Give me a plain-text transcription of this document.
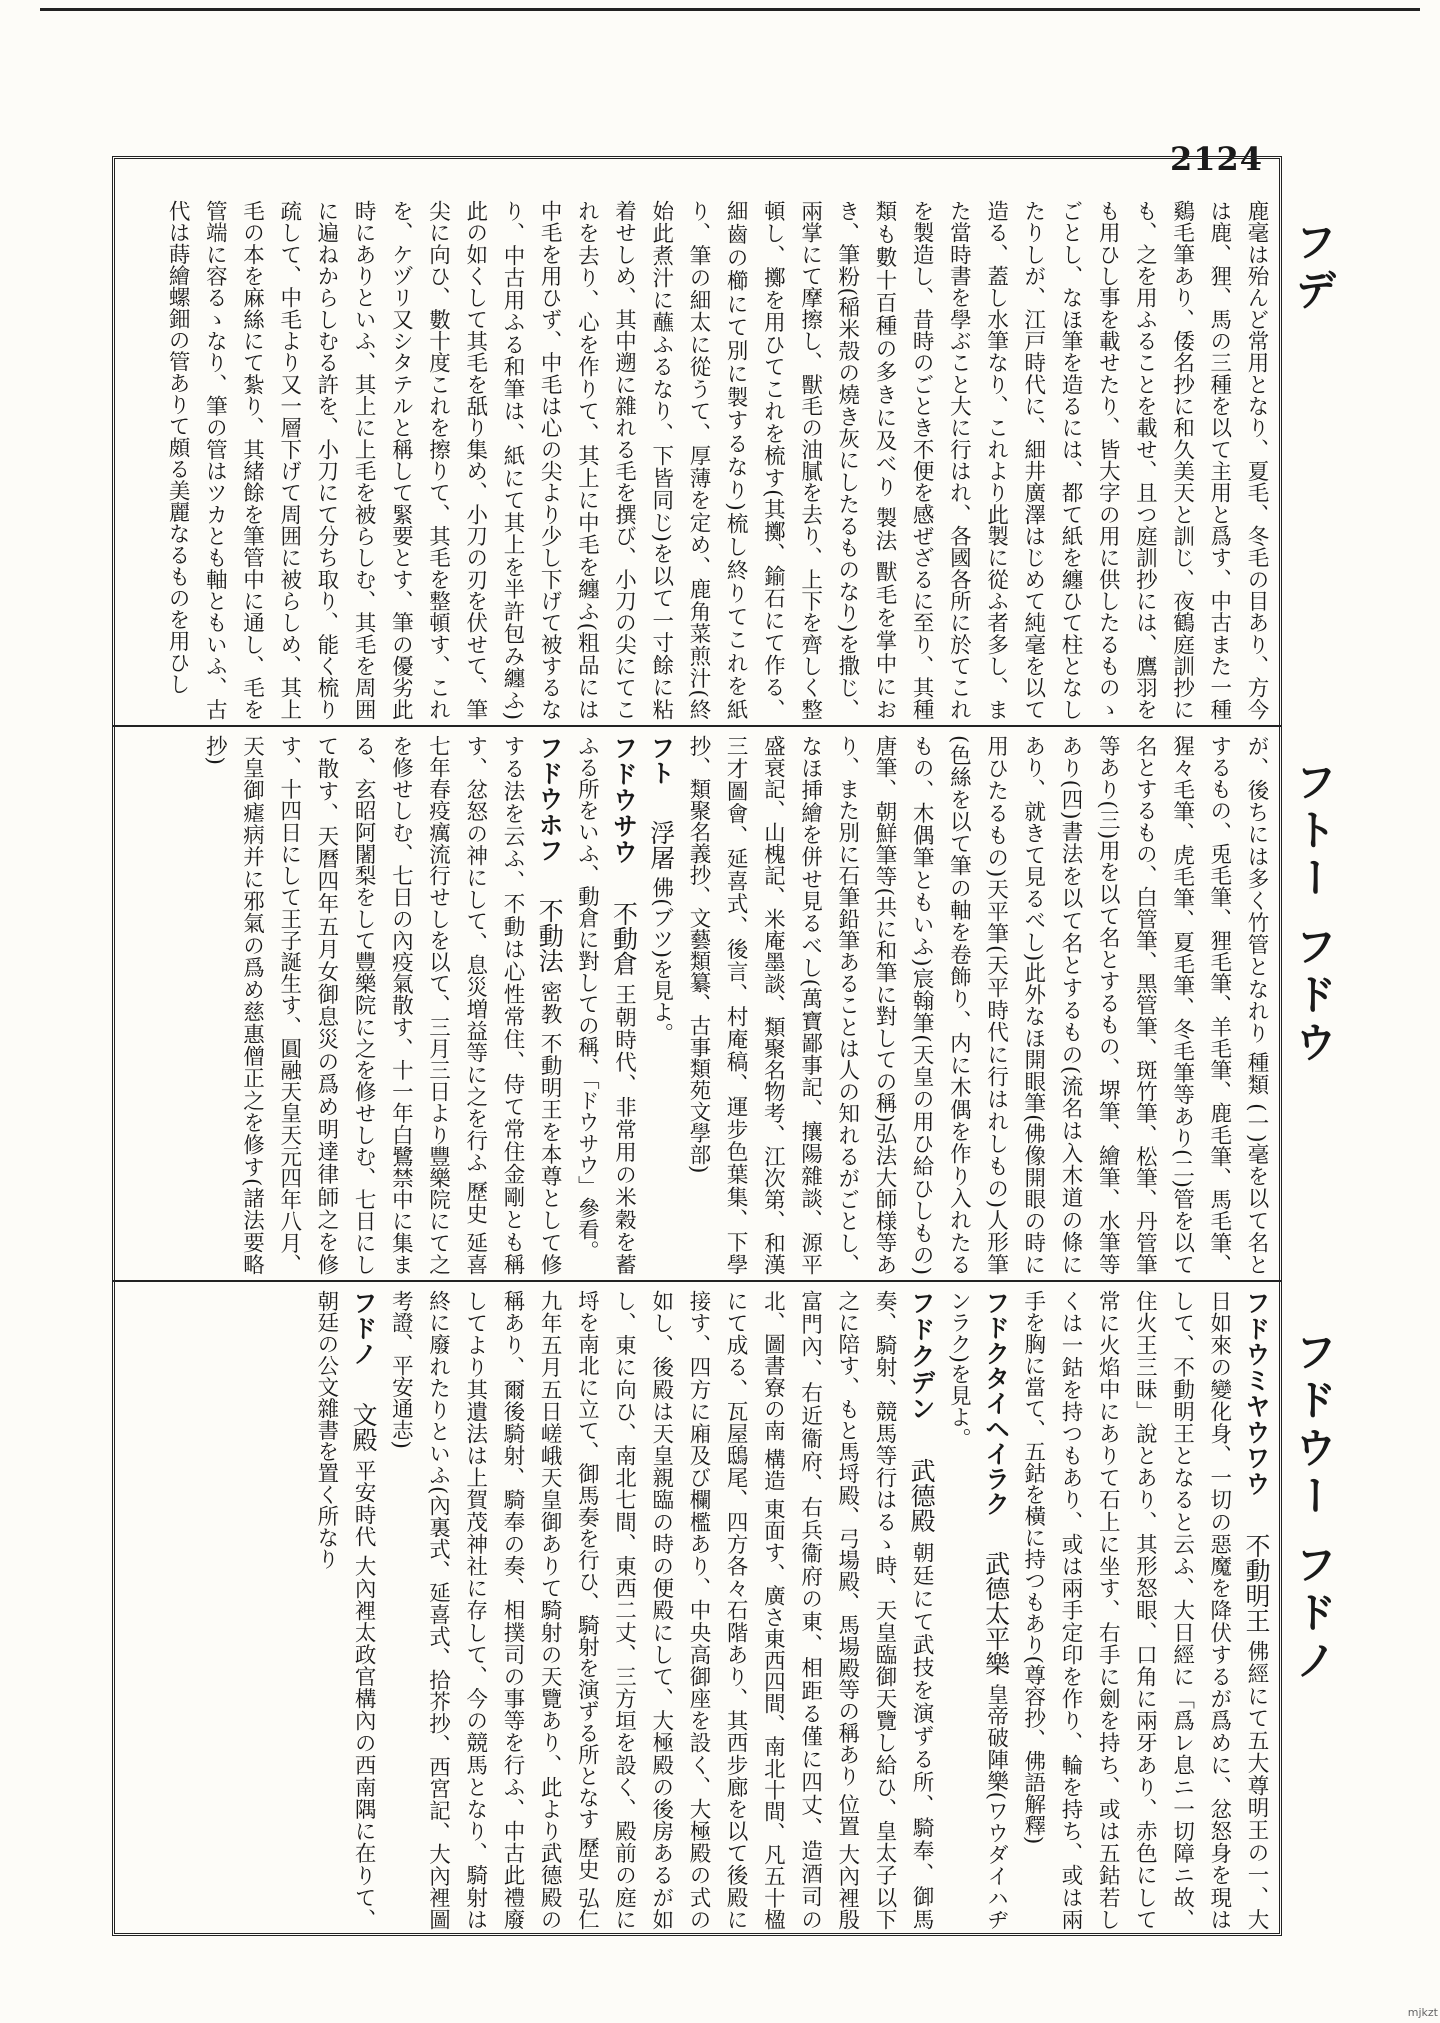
2124
フデ
フトー フドウ
フドウー フドノ
鹿毫は殆んど常用となり、夏毛、冬毛の目あり、方今は鹿、狸、馬の三種を以て主用と爲す、中古また一種鷄毛筆あり、倭名抄に和久美天と訓じ、夜鶴庭訓抄にも、之を用ふることを載せ、且つ庭訓抄には、鷹羽をも用ひし事を載せたり、皆大字の用に供したるものゝごとし、なほ筆を造るには、都て紙を纏ひて柱となしたりしが、江戸時代に、細井廣澤はじめて純毫を以て造る、蓋し水筆なり、これより此製に從ふ者多し、また當時書を學ぶこと大に行はれ、各國各所に於てこれを製造し、昔時のごとき不便を感ぜざるに至り、其種類も數十百種の多きに及べり 製法 獸毛を掌中におき、筆粉(稲米殻の燒き灰にしたるものなり)を撒じ、兩掌にて摩擦し、獸毛の油膩を去り、上下を齊しく整頓し、擲を用ひてこれを梳す(其擲、鍮石にて作る、細齒の櫛にて別に製するなり)梳し終りてこれを紙り、筆の細太に從うて、厚薄を定め、鹿角菜煎汁(終始此煮汁に蘸ふるなり、下皆同じ)を以て一寸餘に粘着せしめ、其中遡に雜れる毛を撰び、小刀の尖にてこれを去り、心を作りて、其上に中毛を纏ふ(粗品には中毛を用ひず、中毛は心の尖より少し下げて被するなり、中古用ふる和筆は、紙にて其上を半許包み纏ふ)此の如くして其毛を舐り集め、小刀の刃を伏せて、筆尖に向ひ、數十度これを擦りて、其毛を整頓す、これを、ケヅリ又シタテルと稱して緊要とす、筆の優劣此時にありといふ、其上に上毛を被らしむ、其毛を周囲に遍ねからしむる許を、小刀にて分ち取り、能く梳り疏して、中毛より又一層下げて周囲に被らしめ、其上毛の本を麻絲にて紮り、其緒餘を筆管中に通し、毛を管端に容るゝなり、筆の管はツカとも軸ともいふ、古代は蒔繪螺鈿の管ありて頗る美麗なるものを用ひし

が、後ちには多く竹管となれり 種類 (一)毫を以て名とするもの、兎毛筆、狸毛筆、羊毛筆、鹿毛筆、馬毛筆、猩々毛筆、虎毛筆、夏毛筆、冬毛筆等あり(二)管を以て名とするもの、白管筆、黑管筆、斑竹筆、松筆、丹管筆等あり(三)用を以て名とするもの、堺筆、繪筆、水筆等あり(四)書法を以て名とするもの(流名は入木道の條にあり、就きて見るべし)此外なほ開眼筆(佛像開眼の時に用ひたるもの)天平筆(天平時代に行はれしもの)人形筆(色絲を以て筆の軸を卷飾り、内に木偶を作り入れたるもの、木偶筆ともいふ)宸翰筆(天皇の用ひ給ひしもの)唐筆、朝鮮筆等(共に和筆に對しての稱)弘法大師様等あり、また別に石筆鉛筆あることは人の知れるがごとし、なほ挿繪を併せ見るべし(萬寶鄙事記、攘陽雜談、源平盛衰記、山槐記、米庵墨談、類聚名物考、江次第、和漢三才圖會、延喜式、後言、村庵稿、運步色葉集、下學抄、類聚名義抄、文藝類纂、古事類苑文學部)

フト 浮屠 佛(ブツ)を見よ。

フドウサウ 不動倉 王朝時代、非常用の米穀を蓄ふる所をいふ、動倉に對しての稱、「ドウサウ」參看。

フドウホフ 不動法 密教 不動明王を本尊として修する法を云ふ、不動は心性常住、侍て常住金剛とも稱す、忿怒の神にして、息災増益等に之を行ふ 歷史 延喜七年春疫癘流行せしを以て、三月三日より豐樂院にて之を修せしむ、七日の內疫氣散す、十一年白鷺禁中に集まる、玄昭阿闍梨をして豐樂院に之を修せしむ、七日にして散す、天曆四年五月女御息災の爲め明達律師之を修す、十四日にして王子誕生す、圓融天皇天元四年八月、天皇御瘧病并に邪氣の爲め慈惠僧正之を修す(諸法要略抄)

フドウミヤウワウ 不動明王 佛經にて五大尊明王の一、大日如來の變化身、一切の惡魔を降伏するが爲めに、忿怒身を現はして、不動明王となると云ふ、大日經に「爲レ息ニ一切障ニ故、住火王三昧」說とあり、其形怒眼、口角に兩牙あり、赤色にして常に火焰中にありて石上に坐す、右手に劍を持ち、或は五鈷若しくは一鈷を持つもあり、或は兩手定印を作り、輪を持ち、或は兩手を胸に當て、五鈷を橫に持つもあり(尊容抄、佛語解釋)

フドクタイヘイラク 武德太平樂 皇帝破陣樂(ワウダイハヂンラク)を見よ。

フドクデン 武德殿 朝廷にて武技を演ずる所、騎奉、御馬奏、騎射、競馬等行はるゝ時、天皇臨御天覽し給ひ、皇太子以下之に陪す、もと馬埒殿、弓場殿、馬場殿等の稱あり 位置 大內裡殷富門內、右近衞府、右兵衞府の東、相距る僅に四丈、造酒司の北、圖書寮の南 構造 東面す、廣さ東西四間、南北十間、凡五十楹にて成る、瓦屋鴟尾、四方各々石階あり、其西步廊を以て後殿に接す、四方に廂及び欄檻あり、中央高御座を設く、大極殿の式の如し、後殿は天皇親臨の時の便殿にして、大極殿の後房あるが如し、東に向ひ、南北七間、東西二丈、三方垣を設く、殿前の庭に埒を南北に立て、御馬奏を行ひ、騎射を演ずる所となす 歷史 弘仁九年五月五日嵯峨天皇御ありて騎射の天覽あり、此より武德殿の稱あり、爾後騎射、騎奉の奏、相撲司の事等を行ふ、中古此禮廢してより其遺法は上賀茂神社に存して、今の競馬となり、騎射は終に廢れたりといふ(內裏式、延喜式、拾芥抄、西宮記、大內裡圖考證、平安通志)

フドノ 文殿 平安時代 大內裡太政官構內の西南隅に在りて、朝廷の公文雜書を置く所なり

mjkzt
